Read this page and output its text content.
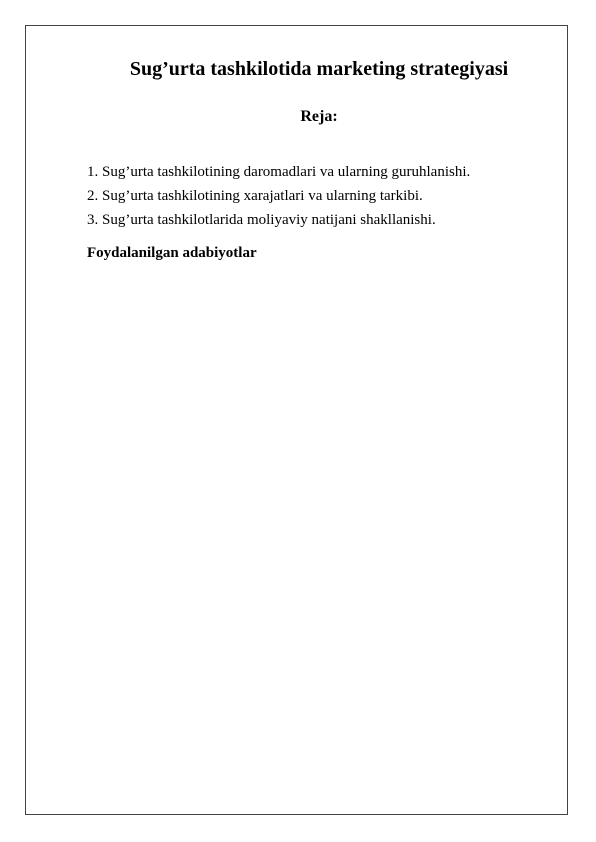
Sug’urta tashkilotida marketing strategiyasi
Reja:
1. Sug’urta tashkilotining daromadlari va ularning guruhlanishi.
2. Sug’urta tashkilotining xarajatlari va ularning tarkibi.
3. Sug’urta tashkilotlarida moliyaviy natijani shakllanishi.
Foydalanilgan adabiyotlar
